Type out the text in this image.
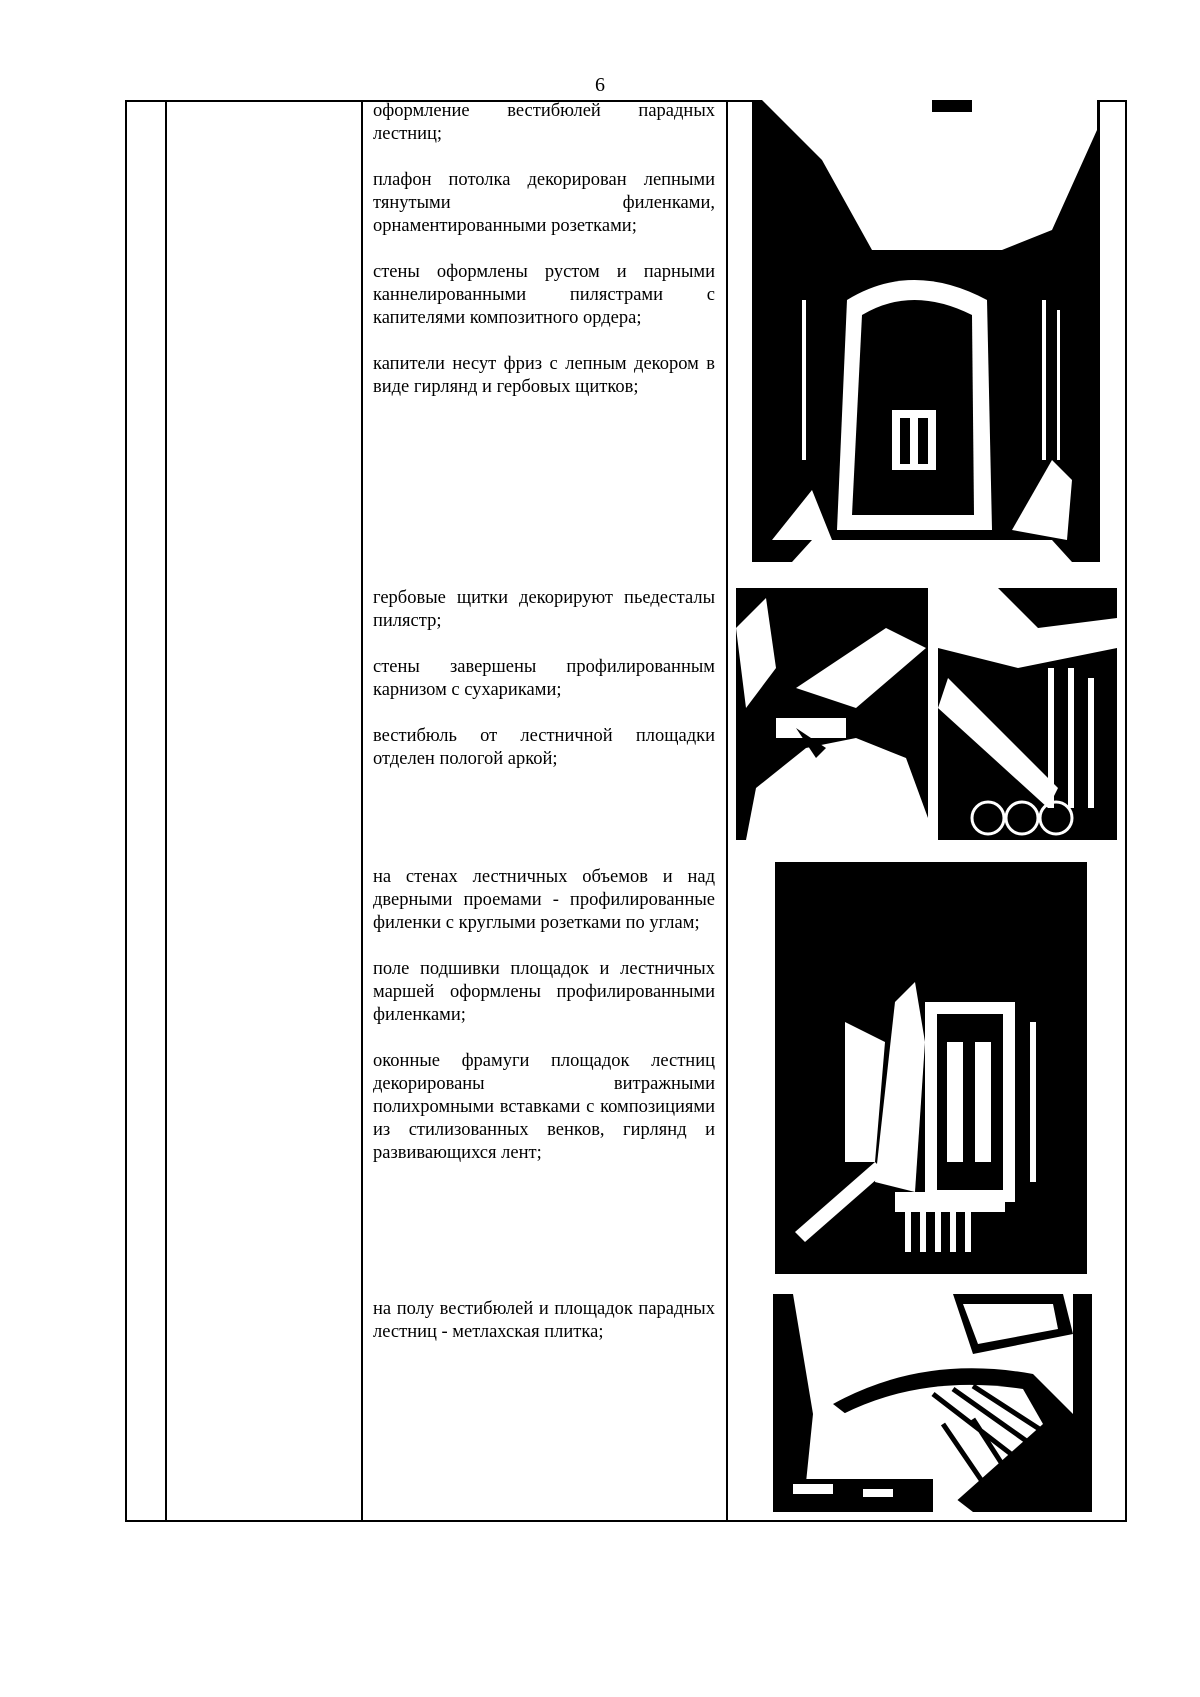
6

оформление вестибюлей парадных лестниц;

плафон потолка декорирован лепными тянутыми филенками, орнаментированными розетками;

стены оформлены рустом и парными каннелированными пилястрами с капителями композитного ордера;

капители несут фриз с лепным декором в виде гирлянд и гербовых щитков;

гербовые щитки декорируют пьедесталы пилястр;

стены завершены профилированным карнизом с сухариками;

вестибюль от лестничной площадки отделен пологой аркой;

на стенах лестничных объемов и над дверными проемами - профилированные филенки с круглыми розетками по углам;

поле подшивки площадок и лестничных маршей оформлены профилированными филенками;

оконные фрамуги площадок лестниц декорированы витражными полихромными вставками с композициями из стилизованных венков, гирлянд и развивающихся лент;

на полу вестибюлей и площадок парадных лестниц - метлахская плитка;
